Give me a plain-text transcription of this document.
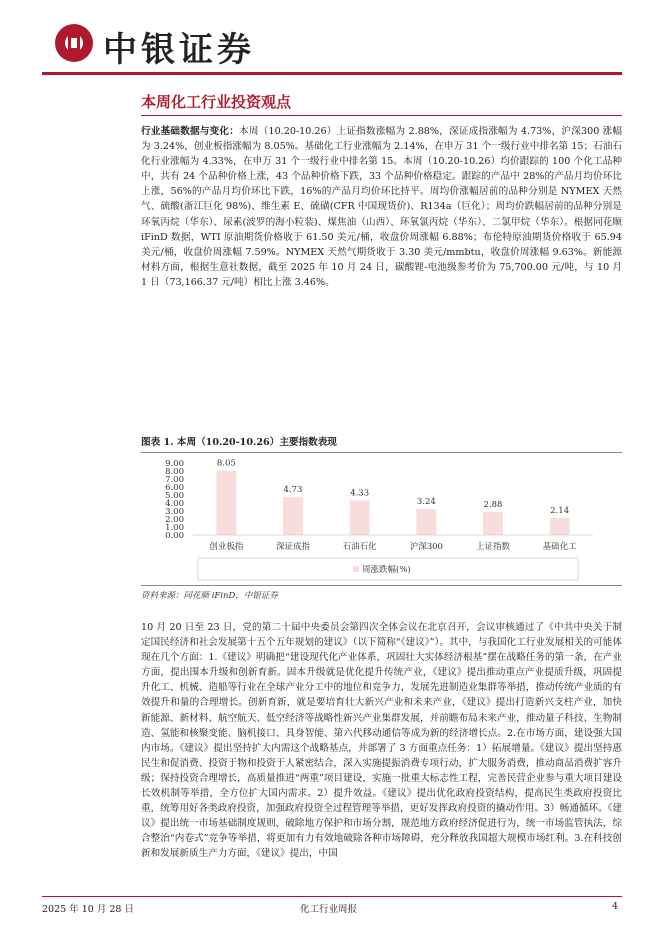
中银证券
本周化工行业投资观点
行业基础数据与变化：本周（10.20-10.26）上证指数涨幅为 2.88%，深证成指涨幅为 4.73%，沪深300 涨幅为 3.24%，创业板指涨幅为 8.05%。基础化工行业涨幅为 2.14%，在申万 31 个一级行业中排名第 15；石油石化行业涨幅为 4.33%，在申万 31 个一级行业中排名第 15。本周（10.20-10.26）均价跟踪的 100 个化工品种中，共有 24 个品种价格上涨，43 个品种价格下跌，33 个品种价格稳定。跟踪的产品中 28%的产品月均价环比上涨，56%的产品月均价环比下跌，16%的产品月均价环比持平。周均价涨幅居前的品种分别是 NYMEX 天然气、硫酸(浙江巨化 98%)、维生素 E、硫磺(CFR 中国现货价)、R134a（巨化）；周均价跌幅居前的品种分别是环氧丙烷（华东）、尿素(波罗的海小粒装)、煤焦油（山西）、环氧氯丙烷（华东）、二氯甲烷（华东）。根据同花顺 iFinD 数据，WTI 原油期货价格收于 61.50 美元/桶，收盘价周涨幅 6.88%；布伦特原油期货价格收于 65.94 美元/桶，收盘价周涨幅 7.59%。NYMEX 天然气期货收于 3.30 美元/mmbtu，收盘价周涨幅 9.63%。新能源材料方面，根据生意社数据，截至 2025 年 10 月 24 日，碳酸锂-电池级参考价为 75,700.00 元/吨，与 10 月 1 日（73,166.37 元/吨）相比上涨 3.46%。
图表 1. 本周（10.20-10.26）主要指数表现
0.00
1.00
2.00
3.00
4.00
5.00
6.00
7.00
8.00
9.00	8.05
4.73	4.33
3.24	2.88
2.14
创业板指	深证成指	石油石化	沪深300	上证指数	基础化工
周涨跌幅(%)
资料来源：同花顺 iFinD，中银证券
10 月 20 日至 23 日，党的第二十届中央委员会第四次全体会议在北京召开，会议审核通过了《中共中央关于制定国民经济和社会发展第十五个五年规划的建议》（以下简称“《建议》”）。其中，与我国化工行业发展相关的可能体现在几个方面：1.《建议》明确把“建设现代化产业体系，巩固壮大实体经济根基”摆在战略任务的第一条，在产业方面，提出围本升级和创新育新。固本升级就是优化提升传统产业，《建议》提出推动重点产业提质升级，巩固提升化工、机械、造船等行业在全球产业分工中的地位和竞争力，发展先进制造业集群等举措，推动传统产业质的有效提升和量的合理增长。创新育新，就是要培育壮大新兴产业和未来产业，《建议》提出打造新兴支柱产业，加快新能源、新材料、航空航天、低空经济等战略性新兴产业集群发展，并前瞻布局未来产业，推动量子科技、生物制造、氢能和核聚变能、脑机接口、具身智能、第六代移动通信等成为新的经济增长点。2.在市场方面，建设强大国内市场。《建议》提出坚持扩大内需这个战略基点，并部署了 3 方面重点任务：1）拓展增量。《建议》提出坚持惠民生和促消费、投资于物和投资于人紧密结合，深入实施提振消费专项行动，扩大服务消费，推动商品消费扩容升级；保持投资合理增长，高质量推进“两重”项目建设，实施一批重大标志性工程，完善民营企业参与重大项目建设长效机制等举措，全方位扩大国内需求。2）提升效益。《建议》提出优化政府投资结构，提高民生类政府投资比重，统筹用好各类政府投资，加强政府投资全过程管理等举措，更好发挥政府投资的撬动作用。3）畅通循环。《建议》提出统一市场基础制度规则，破除地方保护和市场分割，规范地方政府经济促进行为，统一市场监管执法，综合整治“内卷式”竞争等举措，将更加有力有效地破除各种市场障碍，充分释放我国超大规模市场红利。3.在科技创新和发展新质生产力方面，《建议》提出，中国
2025 年 10 月 28 日	化工行业周报	4
